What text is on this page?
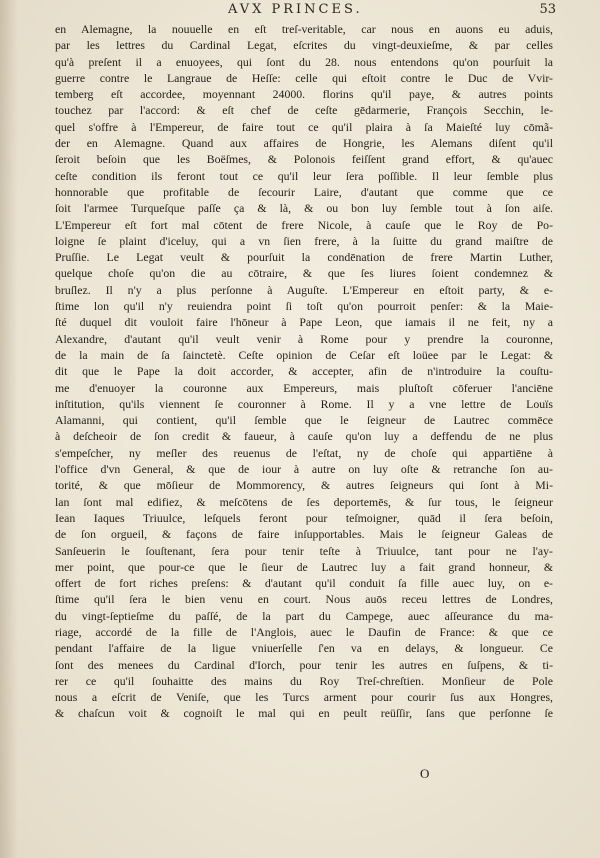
AVX PRINCES.	53
en Alemagne, la nouuelle en eſt treſ-veritable, car nous en auons eu aduis,
par les lettres du Cardinal Legat, eſcrites du vingt-deuxieſme, & par celles
qu'à preſent il a enuoyees, qui ſont du 28. nous entendons qu'on pourſuit la
guerre contre le Langraue de Heſſe: celle qui eſtoit contre le Duc de Vvir-
temberg eſt accordee, moyennant 24000. florins qu'il paye, & autres points
touchez par l'accord: & eſt chef de ceſte gēdarmerie, François Secchin, le-
quel s'offre à l'Empereur, de faire tout ce qu'il plaira à ſa Maieſté luy cōmã-
der en Alemagne. Quand aux affaires de Hongrie, les Alemans diſent qu'il
ſeroit beſoin que les Boëſmes, & Polonois feiſſent grand effort, & qu'auec
ceſte condition ils feront tout ce qu'il leur ſera poſſible. Il leur ſemble plus
honnorable que profitable de ſecourir Laire, d'autant que comme que ce
ſoit l'armee Turqueſque paſſe ça & là, & ou bon luy ſemble tout à ſon aiſe.
L'Empereur eſt fort mal cōtent de frere Nicole, à cauſe que le Roy de Po-
loigne ſe plaint d'iceluy, qui a vn ſien frere, à la ſuitte du grand maiſtre de
Pruſſie. Le Legat veult & pourſuit la condēnation de frere Martin Luther,
quelque choſe qu'on die au cōtraire, & que ſes liures ſoient condemnez &
bruſlez. Il n'y a plus perſonne à Auguſte. L'Empereur en eſtoit party, & e-
ſtime lon qu'il n'y reuiendra point ſi toſt qu'on pourroit penſer: & la Maie-
ſté duquel dit vouloit faire l'hōneur à Pape Leon, que iamais il ne feit, ny a
Alexandre, d'autant qu'il veult venir à Rome pour y prendre la couronne,
de la main de ſa ſainctetè. Ceſte opinion de Ceſar eſt loüee par le Legat: &
dit que le Pape la doit accorder, & accepter, afin de n'introduire la couſtu-
me d'enuoyer la couronne aux Empereurs, mais pluſtoſt cōferuer l'anciēne
inſtitution, qu'ils viennent ſe couronner à Rome. Il y a vne lettre de Louïs
Alamanni, qui contient, qu'il ſemble que le ſeigneur de Lautrec commēce
à deſcheoir de ſon credit & faueur, à cauſe qu'on luy a deffendu de ne plus
s'empeſcher, ny meſler des reuenus de l'eſtat, ny de choſe qui appartiēne à
l'office d'vn General, & que de iour à autre on luy oſte & retranche ſon au-
torité, & que mōſieur de Mommorency, & autres ſeigneurs qui ſont à Mi-
lan ſont mal edifiez, & meſcōtens de ſes deportemēs, & ſur tous, le ſeigneur
Iean Iaques Triuulce, leſquels feront pour teſmoigner, quād il ſera beſoin,
de ſon orgueil, & façons de faire inſupportables. Mais le ſeigneur Galeas de
Sanſeuerin le ſouſtenant, ſera pour tenir teſte à Triuulce, tant pour ne l'ay-
mer point, que pour-ce que le ſieur de Lautrec luy a fait grand honneur, &
offert de fort riches preſens: & d'autant qu'il conduit ſa fille auec luy, on e-
ſtime qu'il ſera le bien venu en court. Nous auōs receu lettres de Londres,
du vingt-ſeptieſme du paſſé, de la part du Campege, auec aſſeurance du ma-
riage, accordé de la fille de l'Anglois, auec le Daufin de France: & que ce
pendant l'affaire de la ligue vniuerſelle ſ'en va en delays, & longueur. Ce
ſont des menees du Cardinal d'Iorch, pour tenir les autres en ſuſpens, & ti-
rer ce qu'il ſouhaitte des mains du Roy Treſ-chreſtien. Monſieur de Pole
nous a eſcrit de Veniſe, que les Turcs arment pour courir ſus aux Hongres,
& chaſcun voit & cognoiſt le mal qui en peult reüſſir, ſans que perſonne ſe
O
